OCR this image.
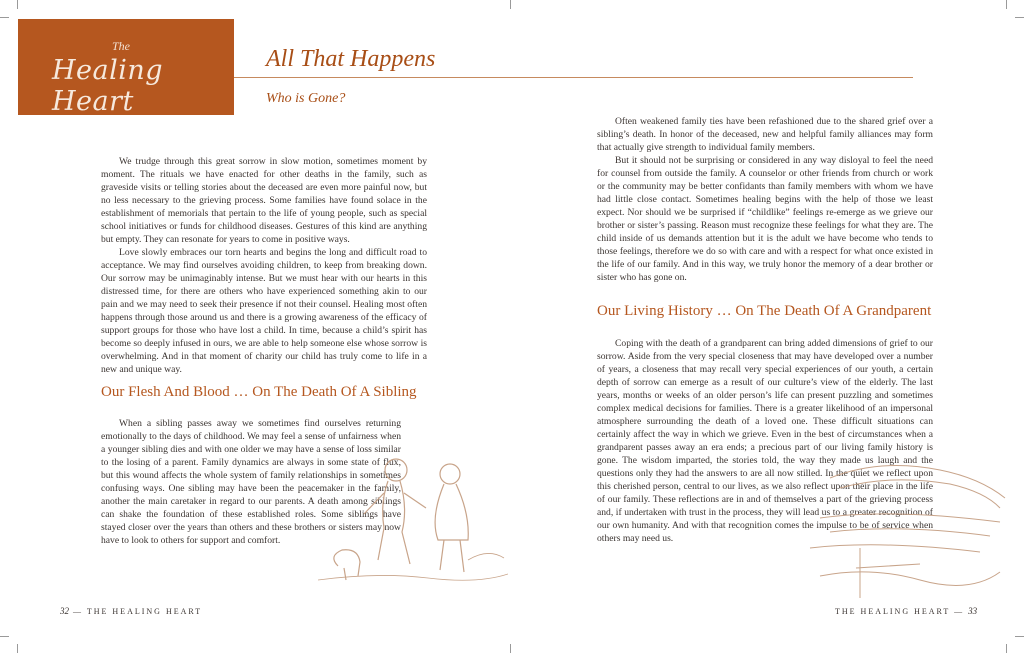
The
Healing Heart
All That Happens
Who is Gone?

We trudge through this great sorrow in slow motion, sometimes moment by moment. The rituals we have enacted for other deaths in the family, such as graveside visits or telling stories about the deceased are even more painful now, but no less necessary to the grieving process. Some families have found solace in the establishment of memorials that pertain to the life of young people, such as special school initiatives or funds for childhood diseases. Gestures of this kind are anything but empty. They can resonate for years to come in positive ways.

Love slowly embraces our torn hearts and begins the long and difficult road to acceptance. We may find ourselves avoiding children, to keep from breaking down. Our sorrow may be unimaginably intense. But we must hear with our hearts in this distressed time, for there are others who have experienced something akin to our pain and we may need to seek their presence if not their counsel. Healing most often happens through those around us and there is a growing awareness of the efficacy of support groups for those who have lost a child. In time, because a child’s spirit has become so deeply infused in ours, we are able to help someone else whose sorrow is overwhelming. And in that moment of charity our child has truly come to life in a new and unique way.

Our Flesh And Blood … On The Death Of A Sibling

When a sibling passes away we sometimes find ourselves returning emotionally to the days of childhood. We may feel a sense of unfairness when a younger sibling dies and with one older we may have a sense of loss similar to the losing of a parent. Family dynamics are always in some state of flux, but this wound affects the whole system of family relationships in sometimes confusing ways. One sibling may have been the peacemaker in the family, another the main caretaker in regard to our parents. A death among siblings can shake the foundation of these established roles. Some siblings have stayed closer over the years than others and these brothers or sisters may now have to look to others for support and comfort.

Often weakened family ties have been refashioned due to the shared grief over a sibling’s death. In honor of the deceased, new and helpful family alliances may form that actually give strength to individual family members.

But it should not be surprising or considered in any way disloyal to feel the need for counsel from outside the family. A counselor or other friends from church or work or the community may be better confidants than family members with whom we have had little close contact. Sometimes healing begins with the help of those we least expect. Nor should we be surprised if “childlike” feelings re-emerge as we grieve our brother or sister’s passing. Reason must recognize these feelings for what they are. The child inside of us demands attention but it is the adult we have become who tends to those feelings, therefore we do so with care and with a respect for what once existed in the life of our family. And in this way, we truly honor the memory of a dear brother or sister who has gone on.

Our Living History … On The Death Of A Grandparent

Coping with the death of a grandparent can bring added dimensions of grief to our sorrow. Aside from the very special closeness that may have developed over a number of years, a closeness that may recall very special experiences of our youth, a certain depth of sorrow can emerge as a result of our culture’s view of the elderly. The last years, months or weeks of an older person’s life can present puzzling and sometimes complex medical decisions for families. There is a greater likelihood of an impersonal atmosphere surrounding the death of a loved one. These difficult situations can certainly affect the way in which we grieve. Even in the best of circumstances when a grandparent passes away an era ends; a precious part of our living family history is gone. The wisdom imparted, the stories told, the way they made us laugh and the questions only they had the answers to are all now stilled. In the quiet we reflect upon this cherished person, central to our lives, as we also reflect upon their place in the life of our family. These reflections are in and of themselves a part of the grieving process and, if undertaken with trust in the process, they will lead us to a greater recognition of our own humanity. And with that recognition comes the impulse to be of service when others may need us.

32 — THE HEALING HEART	THE HEALING HEART — 33
